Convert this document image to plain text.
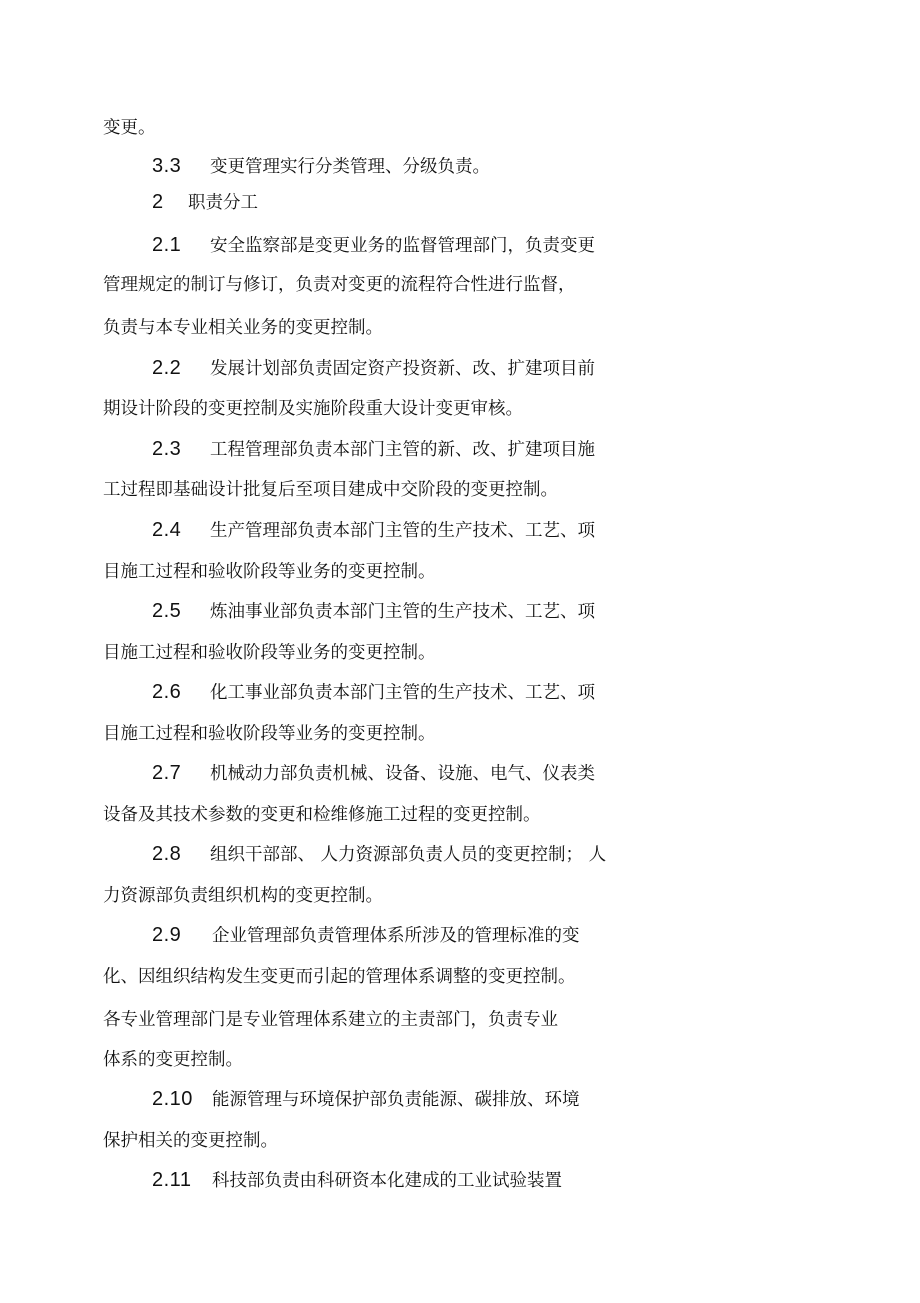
变更。
3.3 变更管理实行分类管理、分级负责。
2 职责分工
2.1 安全监察部是变更业务的监督管理部门，负责变更
管理规定的制订与修订，负责对变更的流程符合性进行监督，
负责与本专业相关业务的变更控制。
2.2 发展计划部负责固定资产投资新、改、扩建项目前
期设计阶段的变更控制及实施阶段重大设计变更审核。
2.3 工程管理部负责本部门主管的新、改、扩建项目施
工过程即基础设计批复后至项目建成中交阶段的变更控制。
2.4 生产管理部负责本部门主管的生产技术、工艺、项
目施工过程和验收阶段等业务的变更控制。
2.5 炼油事业部负责本部门主管的生产技术、工艺、项
目施工过程和验收阶段等业务的变更控制。
2.6 化工事业部负责本部门主管的生产技术、工艺、项
目施工过程和验收阶段等业务的变更控制。
2.7 机械动力部负责机械、设备、设施、电气、仪表类
设备及其技术参数的变更和检维修施工过程的变更控制。
2.8 组织干部部、 人力资源部负责人员的变更控制； 人
力资源部负责组织机构的变更控制。
2.9 企业管理部负责管理体系所涉及的管理标准的变
化、因组织结构发生变更而引起的管理体系调整的变更控制。
各专业管理部门是专业管理体系建立的主责部门，负责专业
体系的变更控制。
2.10 能源管理与环境保护部负责能源、碳排放、环境
保护相关的变更控制。
2.11 科技部负责由科研资本化建成的工业试验装置
